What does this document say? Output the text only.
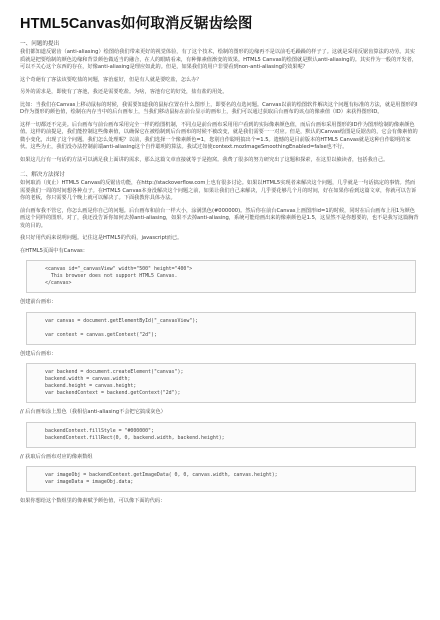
HTML5Canvas如何取消反锯齿绘图
一、问题的提出
我们都知道反锯齿（anti-aliasing）绘图给我们带来更好的视觉体验，有了这个技术，绘制的图形的边缘再不是以前毛毛躁躁的样子了。这就是采用反锯齿算法的功劳。其实质就是把要绘制的颜色边缘和背景颜色做适当的融合，在人的眼睛看来，有种像素值渐变的效果。HTML5 Canvas的绘图就是默认anti-aliasing的。其实作为一般的开发者，可以不关心这个东西的存在，好像anti-aliasing是理应如此的。但是，如果我们的用户非要看到non-anti-aliasing的效果呢？
这个奇葩有了客法该要吃盐的问题，客治虚好，但是有人就是要吃盐，怎么办？
另外的需求是，即使有了客池，我还是需要吃盐。为啥，客池有它的好处，盐有盐的用处。
比如：当我们在Canvas上移动鼠标的时候，我需要知道我的鼠标位置在什么图形上，即要名的点选问题。Canvas以前的绘图软件解决这个问题有标准的方法，就是用图形的ID作为图形的颜色值，绘制在内存当中的后台画布上，当我们移动鼠标在前台显示的画布上，我们可以通过获取后台画布的该点的像素值（ID）来获得图形ID。
这样一切都还不完美。后台画布与前台画布采用完全一样的绘图机制，不同点是前台画布采用用户看到的实际像素颜色值，而后台画布采用图形的ID作为图形绘制的像素颜色值。这样的前提是，我们能控制这些像素值，以确保它在被绘制到后台画布的时候不被改变，就是我们需要一一对应。但是，默认的Canvas绘图是反锯齿的，它会有像素值的微小变化，出现了这个问题。我们怎么处理呢？以前，我们选择一个像素颜色=1，您别自作聪明搞出个=1.5。遗憾的是目前版本的HTML5 Canvas就是这种自作聪明的家伙。这些为止，我们没办法控制前端anti-aliasing这个自作聪明的算法。我试过如使context.mozImageSmoothingEnabled=false也不行。
如果这几行有一句话的方法可以满足我上面讲的需求，那么这篇文章直接就等于是抱窝。我费了很多的努力研究出了这题和探索，在这里以飨读者，包括我自己。
二、解决方法探讨
如何取消（度止）HTML5 Canvas的反锯齿功能，在http://stackoverflow.com上也有很多讨论。如果以HTML5实现者来解决这个问题，几乎就是一句话搞定的事情。然而需要我们一周的时间想各种点子。在HTML5 Canvas本身没解决这个问题之前，如果让我们自己来解决，几乎要花够几个月的时间，好在如果你看到这篇文章，你就可以告诉你的老板，你只需要几个晚上就可以解决了。下面我教你具体办法。
前台画布我不管它，你怎么画是你自己的问题。后台画布和前台一样大小，涂满黑色(#000000)。然后你在前台Canvas上画图形id=1的时候，同时在后台画布上用1为颜色画这个同样的图形。对了，我还没告诉你如何去掉anti-aliasing，如果不去掉anti-aliasing，系统可能给画出来的像素颜色是1.5，这显然不是你想要的，也不是我写这篇胸背发的目的。
我只好用代码来说明问题。记住这是HTML5的代码，javascript而已。
在HTML5页面中有Canvas：
<canvas id="_canvasView" width="500" height="400">
This browser does not support HTML5 Canvas.
</canvas>
创建前台画布：
var canvas = document.getElementById("_canvasView");

var context = canvas.getContext("2d");
创建后台画布：
var backend = document.createElement("canvas");
backend.width = canvas.width;
backend.height = canvas.height;
var backendContext = backend.getContext("2d");
// 后台画布涂上黑色（我相信anti-aliasing不会把它搞成灰色）
backendContext.fillStyle = "#000000";
backendContext.fillRect(0, 0, backend.width, backend.height);
// 获取后台画布对应的像素数组
var imageObj = backendContext.getImageData( 0, 0, canvas.width, canvas.height);
var imageData = imageObj.data;
如果你想给这个数组里的像素赋予颜色值，可以像下面的代码：
